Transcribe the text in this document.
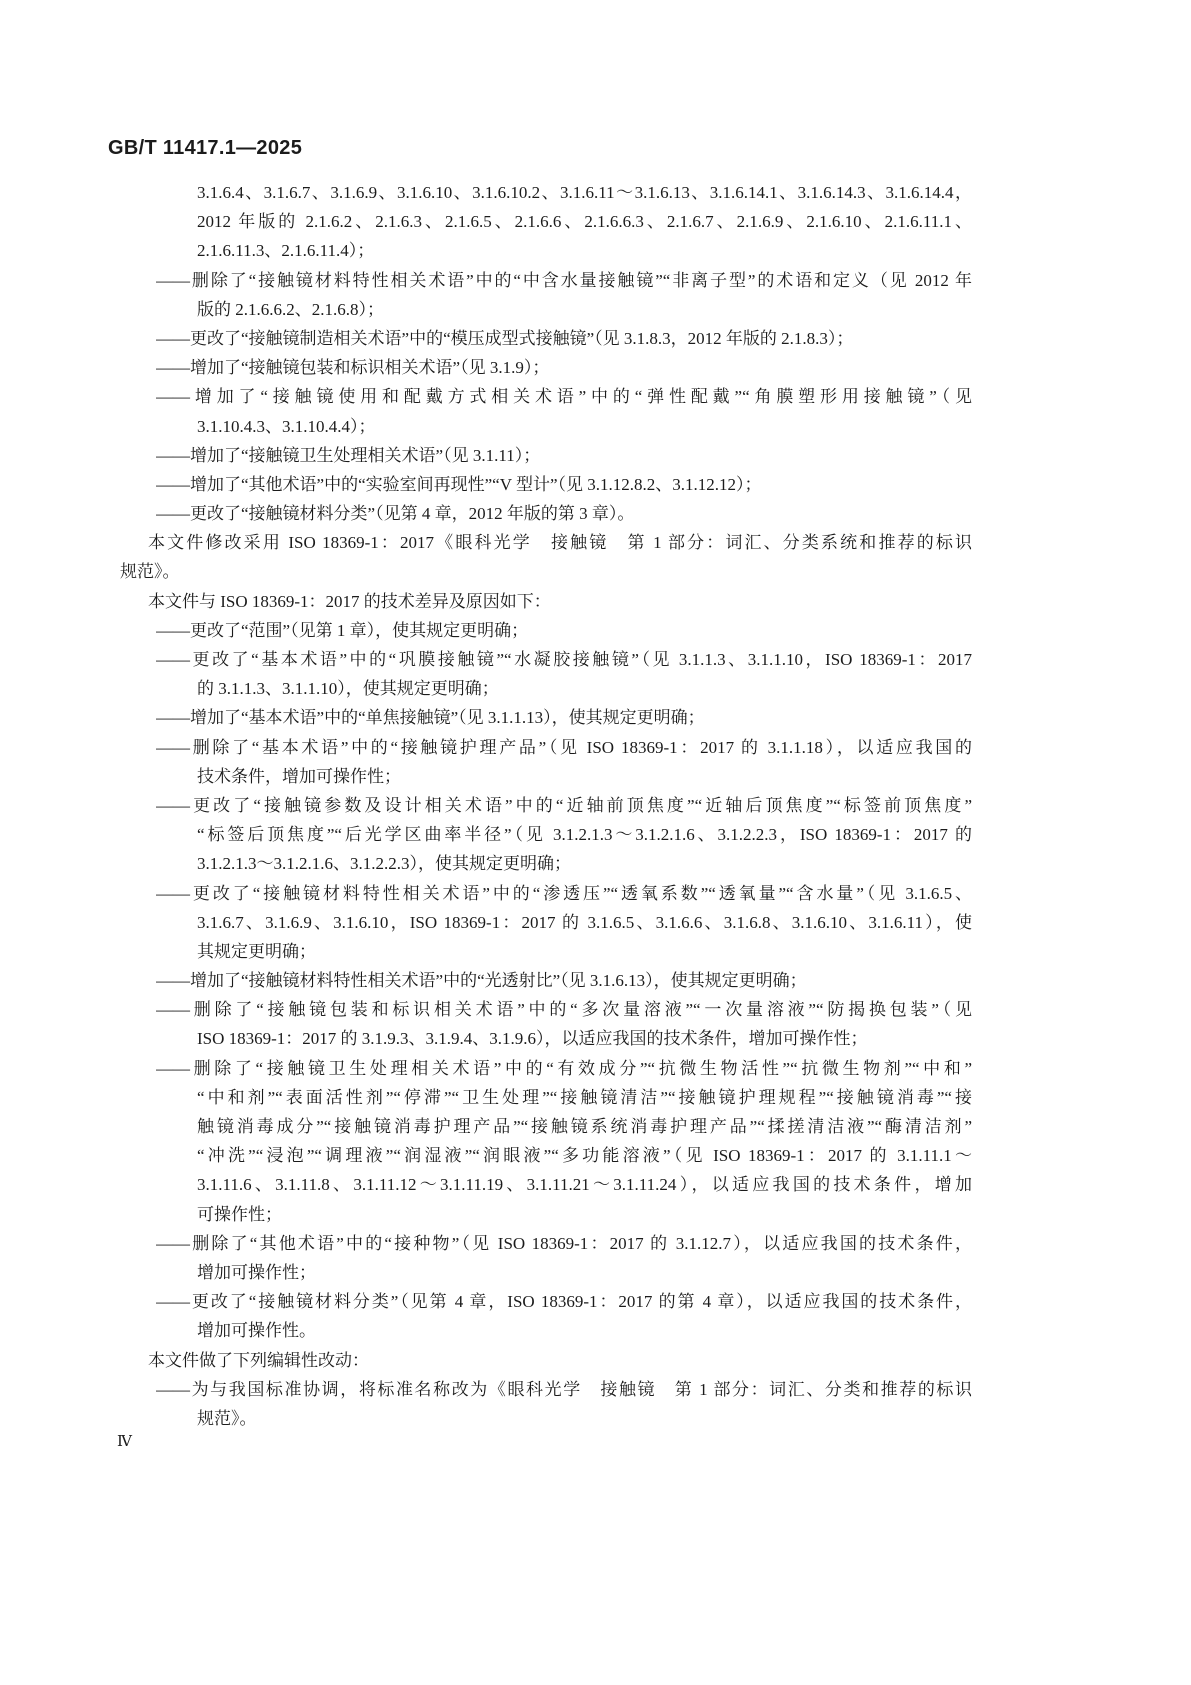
GB/T 11417.1—2025
3.1.6.4、3.1.6.7、3.1.6.9、3.1.6.10、3.1.6.10.2、3.1.6.11～3.1.6.13、3.1.6.14.1、3.1.6.14.3、3.1.6.14.4，
2012 年版的 2.1.6.2、2.1.6.3、2.1.6.5、2.1.6.6、2.1.6.6.3、2.1.6.7、2.1.6.9、2.1.6.10、2.1.6.11.1、
2.1.6.11.3、2.1.6.11.4）；
——删除了“接触镜材料特性相关术语”中的“中含水量接触镜”“非离子型”的术语和定义（见 2012 年
版的 2.1.6.6.2、2.1.6.8）；
——更改了“接触镜制造相关术语”中的“模压成型式接触镜”（见 3.1.8.3，2012 年版的 2.1.8.3）；
——增加了“接触镜包装和标识相关术语”（见 3.1.9）；
——增加了“接触镜使用和配戴方式相关术语”中的“弹性配戴”“角膜塑形用接触镜”（见
3.1.10.4.3、3.1.10.4.4）；
——增加了“接触镜卫生处理相关术语”（见 3.1.11）；
——增加了“其他术语”中的“实验室间再现性”“V 型计”（见 3.1.12.8.2、3.1.12.12）；
——更改了“接触镜材料分类”（见第 4 章，2012 年版的第 3 章）。
本文件修改采用 ISO 18369-1：2017《眼科光学　接触镜　第 1 部分：词汇、分类系统和推荐的标识
规范》。
本文件与 ISO 18369-1：2017 的技术差异及原因如下：
——更改了“范围”（见第 1 章），使其规定更明确；
——更改了“基本术语”中的“巩膜接触镜”“水凝胶接触镜”（见 3.1.1.3、3.1.1.10，ISO 18369-1：2017
的 3.1.1.3、3.1.1.10），使其规定更明确；
——增加了“基本术语”中的“单焦接触镜”（见 3.1.1.13），使其规定更明确；
——删除了“基本术语”中的“接触镜护理产品”（见 ISO 18369-1：2017 的 3.1.1.18），以适应我国的
技术条件，增加可操作性；
——更改了“接触镜参数及设计相关术语”中的“近轴前顶焦度”“近轴后顶焦度”“标签前顶焦度”
“标签后顶焦度”“后光学区曲率半径”（见 3.1.2.1.3～3.1.2.1.6、3.1.2.2.3，ISO 18369-1：2017 的
3.1.2.1.3～3.1.2.1.6、3.1.2.2.3），使其规定更明确；
——更改了“接触镜材料特性相关术语”中的“渗透压”“透氧系数”“透氧量”“含水量”（见 3.1.6.5、
3.1.6.7、3.1.6.9、3.1.6.10，ISO 18369-1：2017 的 3.1.6.5、3.1.6.6、3.1.6.8、3.1.6.10、3.1.6.11），使
其规定更明确；
——增加了“接触镜材料特性相关术语”中的“光透射比”（见 3.1.6.13），使其规定更明确；
——删除了“接触镜包装和标识相关术语”中的“多次量溶液”“一次量溶液”“防揭换包装”（见
ISO 18369-1：2017 的 3.1.9.3、3.1.9.4、3.1.9.6），以适应我国的技术条件，增加可操作性；
——删除了“接触镜卫生处理相关术语”中的“有效成分”“抗微生物活性”“抗微生物剂”“中和”
“中和剂”“表面活性剂”“停滞”“卫生处理”“接触镜清洁”“接触镜护理规程”“接触镜消毒”“接
触镜消毒成分”“接触镜消毒护理产品”“接触镜系统消毒护理产品”“揉搓清洁液”“酶清洁剂”
“冲洗”“浸泡”“调理液”“润湿液”“润眼液”“多功能溶液”（见 ISO 18369-1：2017 的 3.1.11.1～
3.1.11.6、3.1.11.8、3.1.11.12～3.1.11.19、3.1.11.21～3.1.11.24），以适应我国的技术条件，增加
可操作性；
——删除了“其他术语”中的“接种物”（见 ISO 18369-1：2017 的 3.1.12.7），以适应我国的技术条件，
增加可操作性；
——更改了“接触镜材料分类”（见第 4 章，ISO 18369-1：2017 的第 4 章），以适应我国的技术条件，
增加可操作性。
本文件做了下列编辑性改动：
——为与我国标准协调，将标准名称改为《眼科光学　接触镜　第 1 部分：词汇、分类和推荐的标识
规范》。
Ⅳ
